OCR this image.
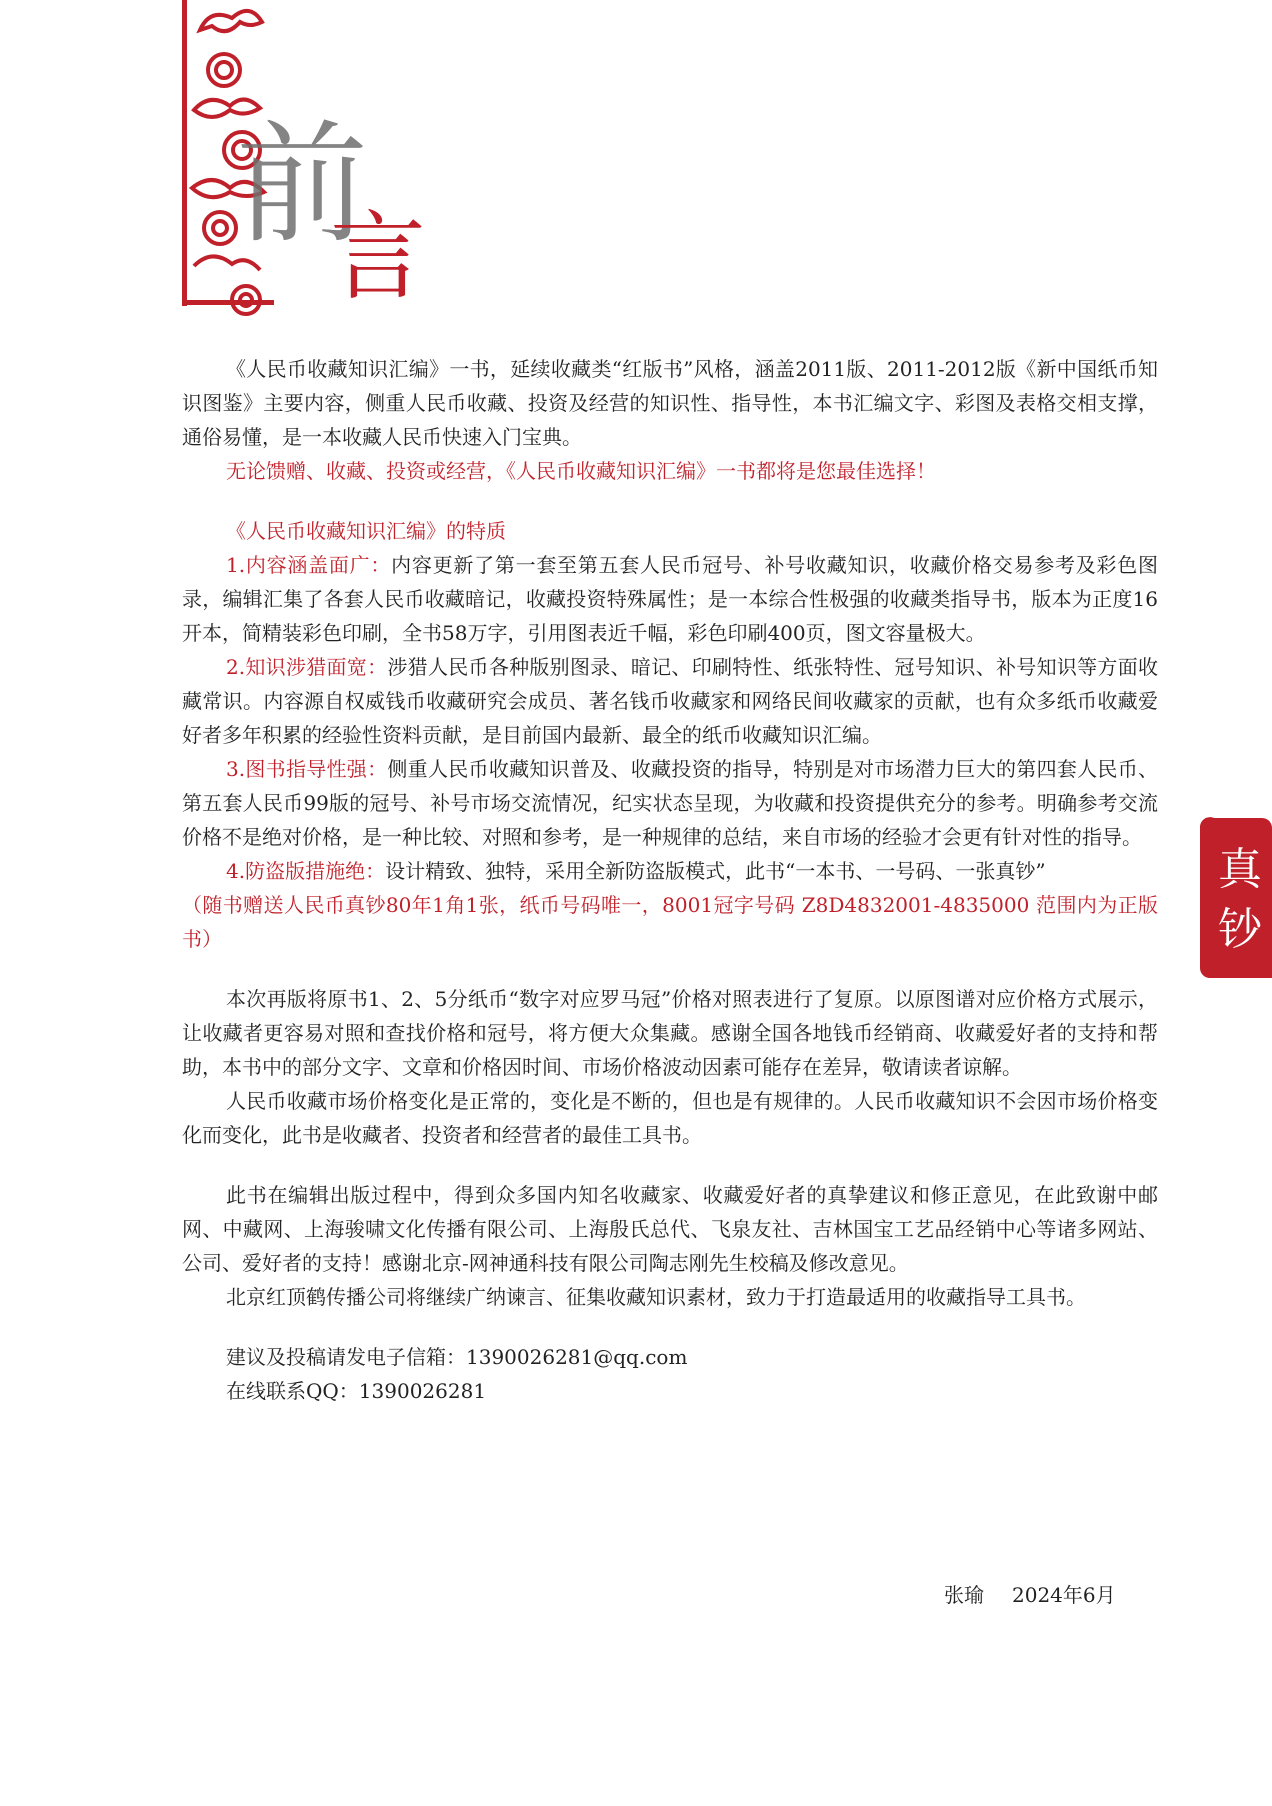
前
言
真
钞

《人民币收藏知识汇编》一书，延续收藏类“红版书”风格，涵盖2011版、2011-2012版《新中国纸币知识图鉴》主要内容，侧重人民币收藏、投资及经营的知识性、指导性，本书汇编文字、彩图及表格交相支撑，通俗易懂，是一本收藏人民币快速入门宝典。

无论馈赠、收藏、投资或经营，《人民币收藏知识汇编》一书都将是您最佳选择！

《人民币收藏知识汇编》的特质

1.内容涵盖面广：内容更新了第一套至第五套人民币冠号、补号收藏知识，收藏价格交易参考及彩色图录，编辑汇集了各套人民币收藏暗记，收藏投资特殊属性；是一本综合性极强的收藏类指导书，版本为正度16开本，简精装彩色印刷，全书58万字，引用图表近千幅，彩色印刷400页，图文容量极大。

2.知识涉猎面宽：涉猎人民币各种版别图录、暗记、印刷特性、纸张特性、冠号知识、补号知识等方面收藏常识。内容源自权威钱币收藏研究会成员、著名钱币收藏家和网络民间收藏家的贡献，也有众多纸币收藏爱好者多年积累的经验性资料贡献，是目前国内最新、最全的纸币收藏知识汇编。

3.图书指导性强：侧重人民币收藏知识普及、收藏投资的指导，特别是对市场潜力巨大的第四套人民币、第五套人民币99版的冠号、补号市场交流情况，纪实状态呈现，为收藏和投资提供充分的参考。明确参考交流价格不是绝对价格，是一种比较、对照和参考，是一种规律的总结，来自市场的经验才会更有针对性的指导。

4.防盗版措施绝：设计精致、独特，采用全新防盗版模式，此书“一本书、一号码、一张真钞”

（随书赠送人民币真钞80年1角1张，纸币号码唯一，8001冠字号码 Z8D4832001-4835000 范围内为正版书）

本次再版将原书1、2、5分纸币“数字对应罗马冠”价格对照表进行了复原。以原图谱对应价格方式展示，让收藏者更容易对照和查找价格和冠号，将方便大众集藏。感谢全国各地钱币经销商、收藏爱好者的支持和帮助，本书中的部分文字、文章和价格因时间、市场价格波动因素可能存在差异，敬请读者谅解。

人民币收藏市场价格变化是正常的，变化是不断的，但也是有规律的。人民币收藏知识不会因市场价格变化而变化，此书是收藏者、投资者和经营者的最佳工具书。

此书在编辑出版过程中，得到众多国内知名收藏家、收藏爱好者的真挚建议和修正意见，在此致谢中邮网、中藏网、上海骏啸文化传播有限公司、上海殷氏总代、飞泉友社、吉林国宝工艺品经销中心等诸多网站、公司、爱好者的支持！感谢北京-网神通科技有限公司陶志刚先生校稿及修改意见。

北京红顶鹤传播公司将继续广纳谏言、征集收藏知识素材，致力于打造最适用的收藏指导工具书。

建议及投稿请发电子信箱：1390026281@qq.com

在线联系QQ：1390026281

张瑜 2024年6月
